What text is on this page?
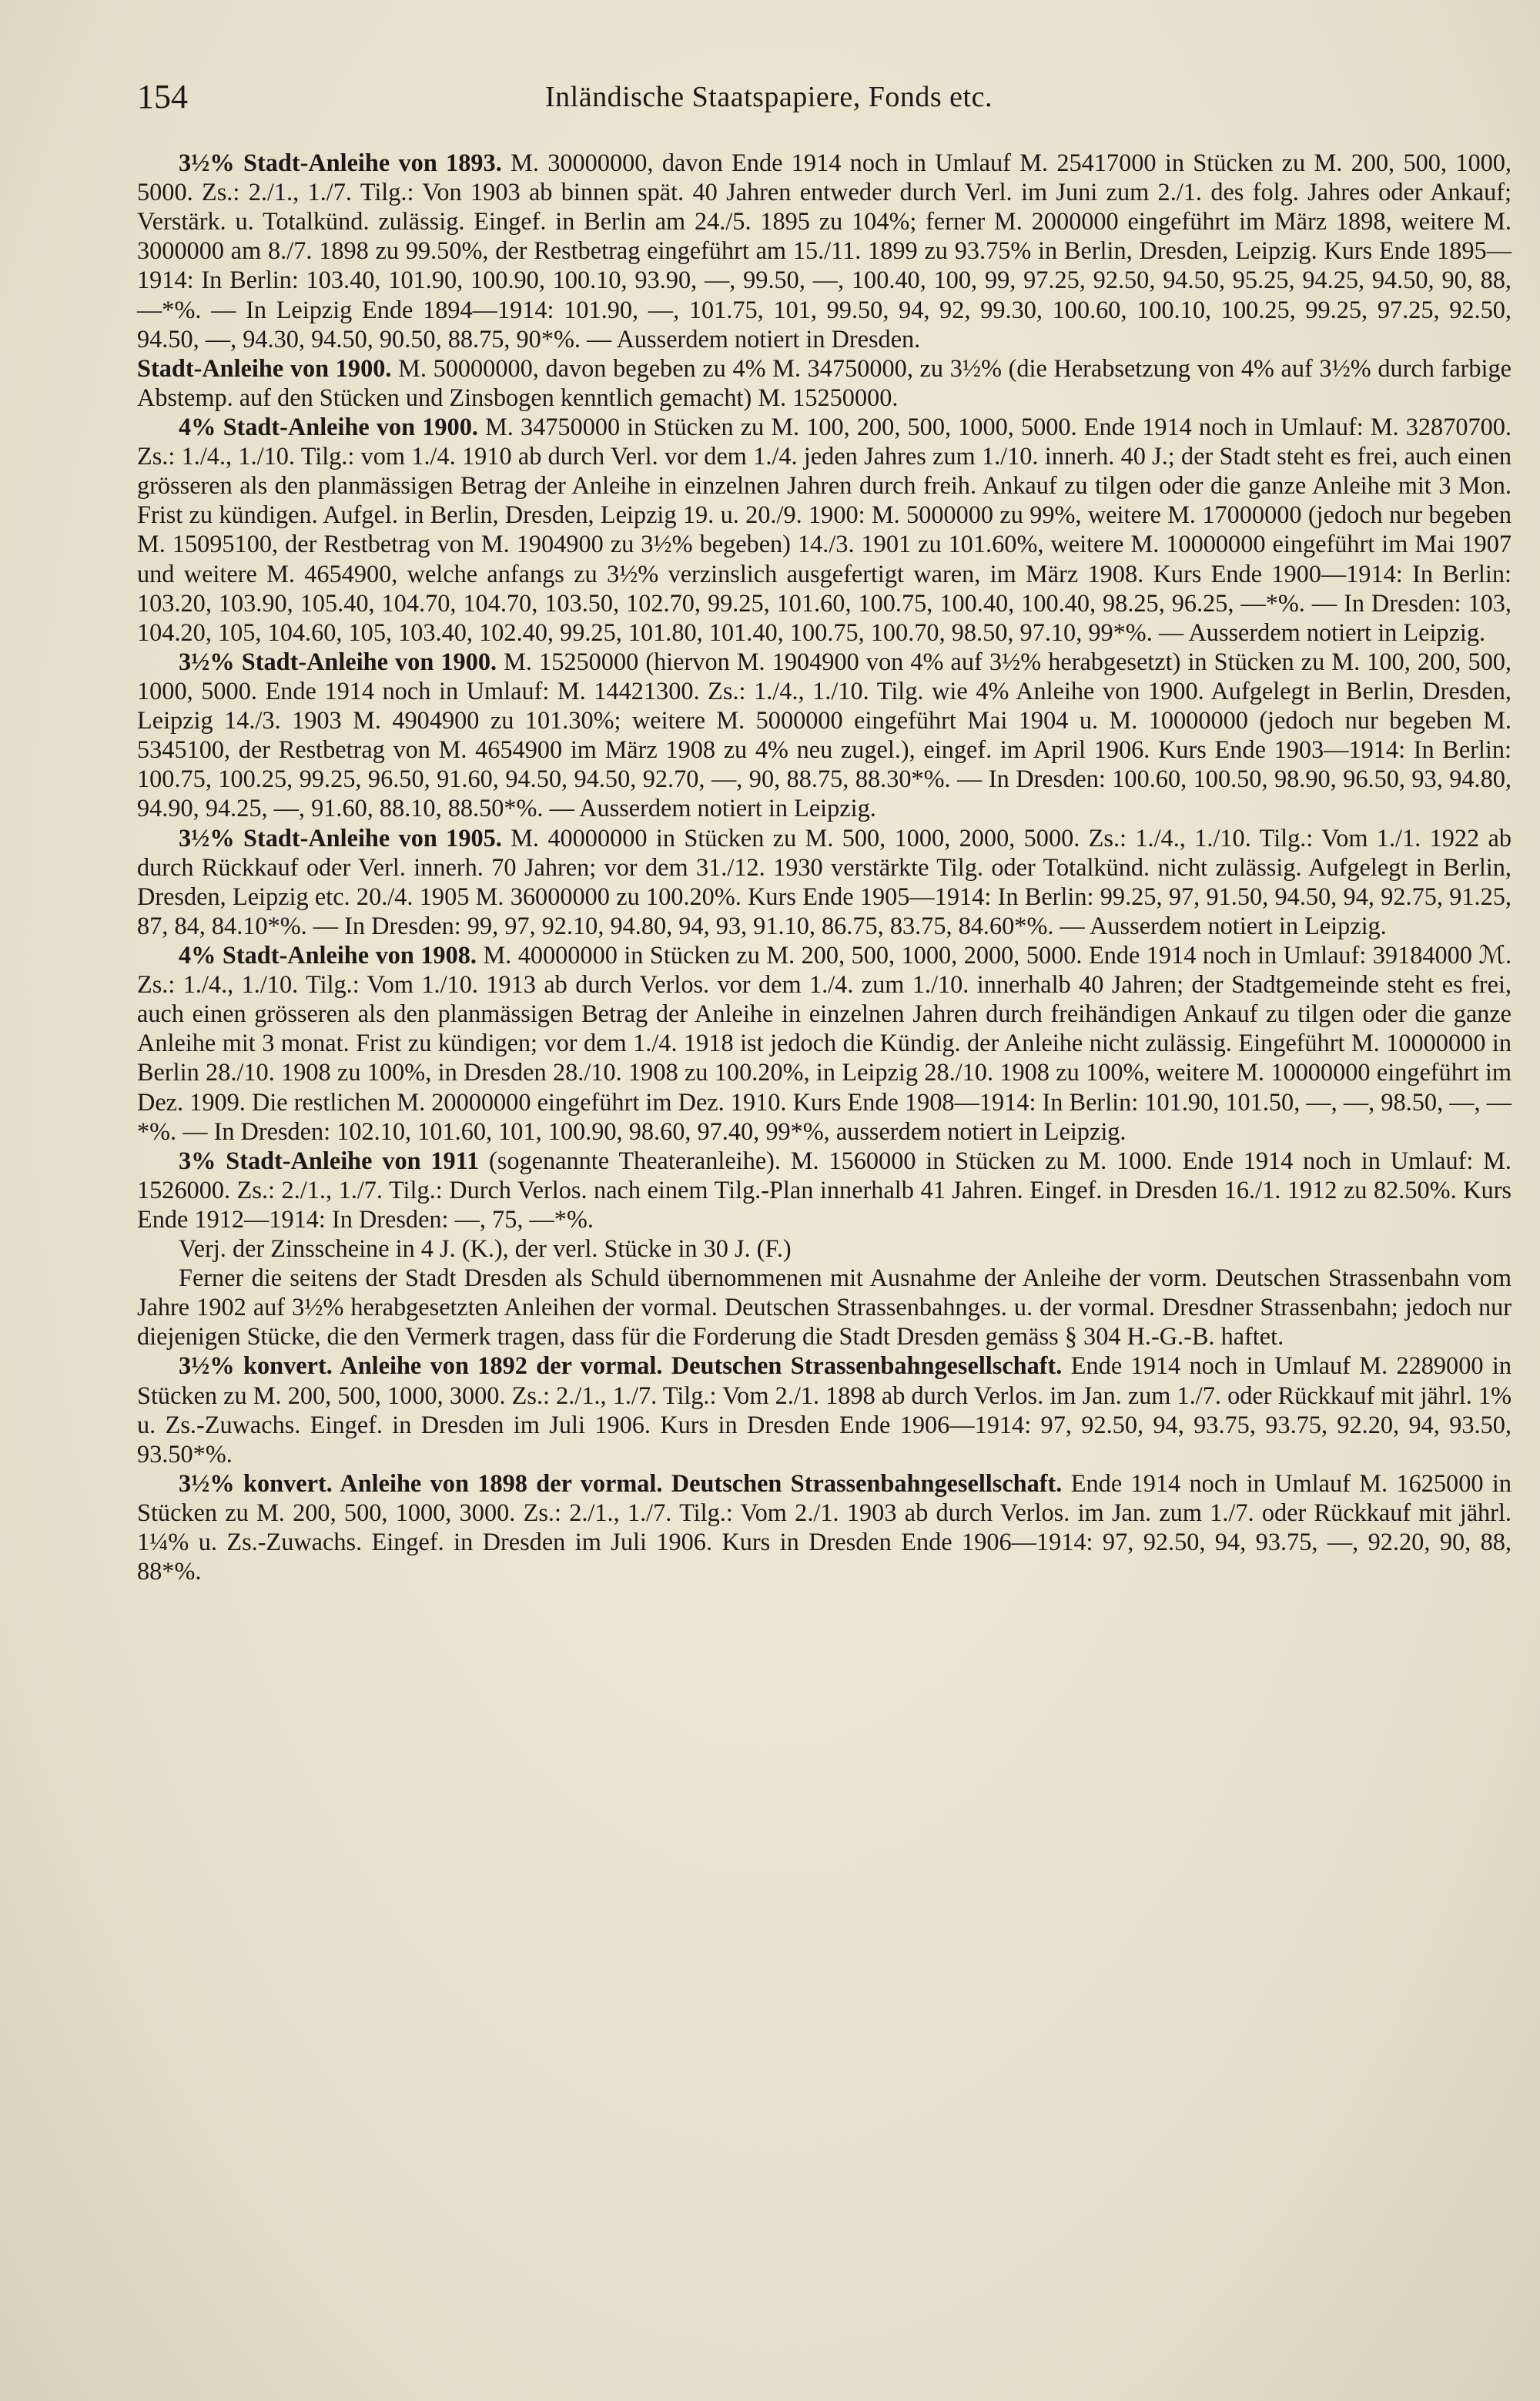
154	Inländische Staatspapiere, Fonds etc.

3½% Stadt-Anleihe von 1893. M. 30000000, davon Ende 1914 noch in Umlauf M. 25417000 in Stücken zu M. 200, 500, 1000, 5000. Zs.: 2./1., 1./7. Tilg.: Von 1903 ab binnen spät. 40 Jahren entweder durch Verl. im Juni zum 2./1. des folg. Jahres oder Ankauf; Verstärk. u. Totalkünd. zulässig. Eingef. in Berlin am 24./5. 1895 zu 104%; ferner M. 2000000 eingeführt im März 1898, weitere M. 3000000 am 8./7. 1898 zu 99.50%, der Restbetrag eingeführt am 15./11. 1899 zu 93.75% in Berlin, Dresden, Leipzig. Kurs Ende 1895—1914: In Berlin: 103.40, 101.90, 100.90, 100.10, 93.90, —, 99.50, —, 100.40, 100, 99, 97.25, 92.50, 94.50, 95.25, 94.25, 94.50, 90, 88, —*%. — In Leipzig Ende 1894—1914: 101.90, —, 101.75, 101, 99.50, 94, 92, 99.30, 100.60, 100.10, 100.25, 99.25, 97.25, 92.50, 94.50, —, 94.30, 94.50, 90.50, 88.75, 90*%. — Ausserdem notiert in Dresden.

Stadt-Anleihe von 1900. M. 50000000, davon begeben zu 4% M. 34750000, zu 3½% (die Herabsetzung von 4% auf 3½% durch farbige Abstemp. auf den Stücken und Zinsbogen kenntlich gemacht) M. 15250000.

4% Stadt-Anleihe von 1900. M. 34750000 in Stücken zu M. 100, 200, 500, 1000, 5000. Ende 1914 noch in Umlauf: M. 32870700. Zs.: 1./4., 1./10. Tilg.: vom 1./4. 1910 ab durch Verl. vor dem 1./4. jeden Jahres zum 1./10. innerh. 40 J.; der Stadt steht es frei, auch einen grösseren als den planmässigen Betrag der Anleihe in einzelnen Jahren durch freih. Ankauf zu tilgen oder die ganze Anleihe mit 3 Mon. Frist zu kündigen. Aufgel. in Berlin, Dresden, Leipzig 19. u. 20./9. 1900: M. 5000000 zu 99%, weitere M. 17000000 (jedoch nur begeben M. 15095100, der Restbetrag von M. 1904900 zu 3½% begeben) 14./3. 1901 zu 101.60%, weitere M. 10000000 eingeführt im Mai 1907 und weitere M. 4654900, welche anfangs zu 3½% verzinslich ausgefertigt waren, im März 1908. Kurs Ende 1900—1914: In Berlin: 103.20, 103.90, 105.40, 104.70, 104.70, 103.50, 102.70, 99.25, 101.60, 100.75, 100.40, 100.40, 98.25, 96.25, —*%. — In Dresden: 103, 104.20, 105, 104.60, 105, 103.40, 102.40, 99.25, 101.80, 101.40, 100.75, 100.70, 98.50, 97.10, 99*%. — Ausserdem notiert in Leipzig.

3½% Stadt-Anleihe von 1900. M. 15250000 (hiervon M. 1904900 von 4% auf 3½% herabgesetzt) in Stücken zu M. 100, 200, 500, 1000, 5000. Ende 1914 noch in Umlauf: M. 14421300. Zs.: 1./4., 1./10. Tilg. wie 4% Anleihe von 1900. Aufgelegt in Berlin, Dresden, Leipzig 14./3. 1903 M. 4904900 zu 101.30%; weitere M. 5000000 eingeführt Mai 1904 u. M. 10000000 (jedoch nur begeben M. 5345100, der Restbetrag von M. 4654900 im März 1908 zu 4% neu zugel.), eingef. im April 1906. Kurs Ende 1903—1914: In Berlin: 100.75, 100.25, 99.25, 96.50, 91.60, 94.50, 94.50, 92.70, —, 90, 88.75, 88.30*%. — In Dresden: 100.60, 100.50, 98.90, 96.50, 93, 94.80, 94.90, 94.25, —, 91.60, 88.10, 88.50*%. — Ausserdem notiert in Leipzig.

3½% Stadt-Anleihe von 1905. M. 40000000 in Stücken zu M. 500, 1000, 2000, 5000. Zs.: 1./4., 1./10. Tilg.: Vom 1./1. 1922 ab durch Rückkauf oder Verl. innerh. 70 Jahren; vor dem 31./12. 1930 verstärkte Tilg. oder Totalkünd. nicht zulässig. Aufgelegt in Berlin, Dresden, Leipzig etc. 20./4. 1905 M. 36000000 zu 100.20%. Kurs Ende 1905—1914: In Berlin: 99.25, 97, 91.50, 94.50, 94, 92.75, 91.25, 87, 84, 84.10*%. — In Dresden: 99, 97, 92.10, 94.80, 94, 93, 91.10, 86.75, 83.75, 84.60*%. — Ausserdem notiert in Leipzig.

4% Stadt-Anleihe von 1908. M. 40000000 in Stücken zu M. 200, 500, 1000, 2000, 5000. Ende 1914 noch in Umlauf: 39184000 ℳ. Zs.: 1./4., 1./10. Tilg.: Vom 1./10. 1913 ab durch Verlos. vor dem 1./4. zum 1./10. innerhalb 40 Jahren; der Stadtgemeinde steht es frei, auch einen grösseren als den planmässigen Betrag der Anleihe in einzelnen Jahren durch freihändigen Ankauf zu tilgen oder die ganze Anleihe mit 3 monat. Frist zu kündigen; vor dem 1./4. 1918 ist jedoch die Kündig. der Anleihe nicht zulässig. Eingeführt M. 10000000 in Berlin 28./10. 1908 zu 100%, in Dresden 28./10. 1908 zu 100.20%, in Leipzig 28./10. 1908 zu 100%, weitere M. 10000000 eingeführt im Dez. 1909. Die restlichen M. 20000000 eingeführt im Dez. 1910. Kurs Ende 1908—1914: In Berlin: 101.90, 101.50, —, —, 98.50, —, —*%. — In Dresden: 102.10, 101.60, 101, 100.90, 98.60, 97.40, 99*%, ausserdem notiert in Leipzig.

3% Stadt-Anleihe von 1911 (sogenannte Theateranleihe). M. 1560000 in Stücken zu M. 1000. Ende 1914 noch in Umlauf: M. 1526000. Zs.: 2./1., 1./7. Tilg.: Durch Verlos. nach einem Tilg.-Plan innerhalb 41 Jahren. Eingef. in Dresden 16./1. 1912 zu 82.50%. Kurs Ende 1912—1914: In Dresden: —, 75, —*%.

Verj. der Zinsscheine in 4 J. (K.), der verl. Stücke in 30 J. (F.)

Ferner die seitens der Stadt Dresden als Schuld übernommenen mit Ausnahme der Anleihe der vorm. Deutschen Strassenbahn vom Jahre 1902 auf 3½% herabgesetzten Anleihen der vormal. Deutschen Strassenbahnges. u. der vormal. Dresdner Strassenbahn; jedoch nur diejenigen Stücke, die den Vermerk tragen, dass für die Forderung die Stadt Dresden gemäss § 304 H.-G.-B. haftet.

3½% konvert. Anleihe von 1892 der vormal. Deutschen Strassenbahngesellschaft. Ende 1914 noch in Umlauf M. 2289000 in Stücken zu M. 200, 500, 1000, 3000. Zs.: 2./1., 1./7. Tilg.: Vom 2./1. 1898 ab durch Verlos. im Jan. zum 1./7. oder Rückkauf mit jährl. 1% u. Zs.-Zuwachs. Eingef. in Dresden im Juli 1906. Kurs in Dresden Ende 1906—1914: 97, 92.50, 94, 93.75, 93.75, 92.20, 94, 93.50, 93.50*%.

3½% konvert. Anleihe von 1898 der vormal. Deutschen Strassenbahngesellschaft. Ende 1914 noch in Umlauf M. 1625000 in Stücken zu M. 200, 500, 1000, 3000. Zs.: 2./1., 1./7. Tilg.: Vom 2./1. 1903 ab durch Verlos. im Jan. zum 1./7. oder Rückkauf mit jährl. 1¼% u. Zs.-Zuwachs. Eingef. in Dresden im Juli 1906. Kurs in Dresden Ende 1906—1914: 97, 92.50, 94, 93.75, —, 92.20, 90, 88, 88*%.
